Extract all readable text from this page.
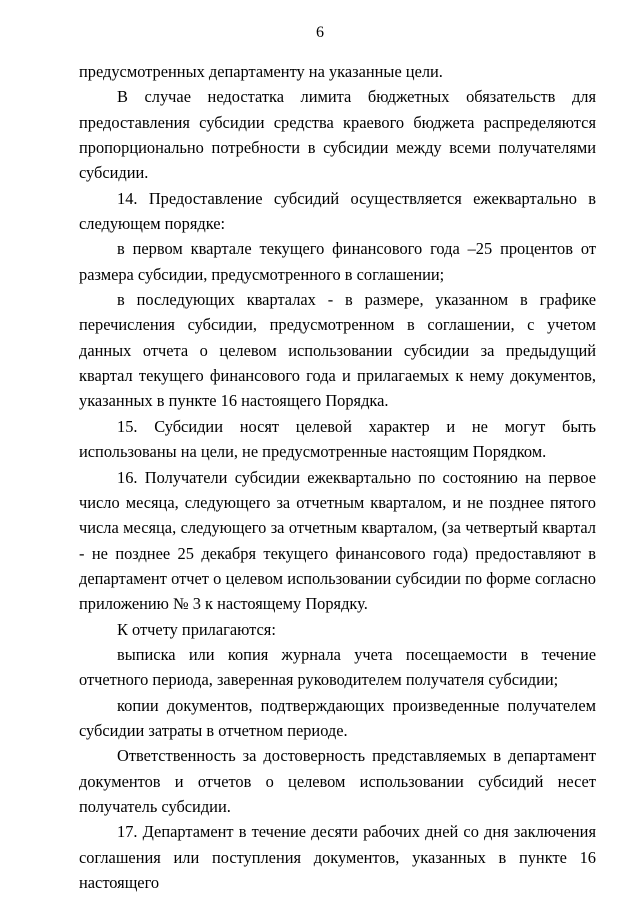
6

предусмотренных департаменту на указанные цели.

В случае недостатка лимита бюджетных обязательств для предоставления субсидии средства краевого бюджета распределяются пропорционально потребности в субсидии между всеми получателями субсидии.

14. Предоставление субсидий осуществляется ежеквартально в следующем порядке:

в первом квартале текущего финансового года –25 процентов от размера субсидии, предусмотренного в соглашении;

в последующих кварталах - в размере, указанном в графике перечисления субсидии, предусмотренном в соглашении, с учетом данных отчета о целевом использовании субсидии за предыдущий квартал текущего финансового года и прилагаемых к нему документов, указанных в пункте 16 настоящего Порядка.

15. Субсидии носят целевой характер и не могут быть использованы на цели, не предусмотренные настоящим Порядком.

16. Получатели субсидии ежеквартально по состоянию на первое число месяца, следующего за отчетным кварталом, и не позднее пятого числа месяца, следующего за отчетным кварталом, (за четвертый квартал - не позднее 25 декабря текущего финансового года) предоставляют в департамент отчет о целевом использовании субсидии по форме согласно приложению № 3 к настоящему Порядку.

К отчету прилагаются:

выписка или копия журнала учета посещаемости в течение отчетного периода, заверенная руководителем получателя субсидии;

копии документов, подтверждающих произведенные получателем субсидии затраты в отчетном периоде.

Ответственность за достоверность представляемых в департамент документов и отчетов о целевом использовании субсидий несет получатель субсидии.

17. Департамент в течение десяти рабочих дней со дня заключения соглашения или поступления документов, указанных в пункте 16 настоящего
